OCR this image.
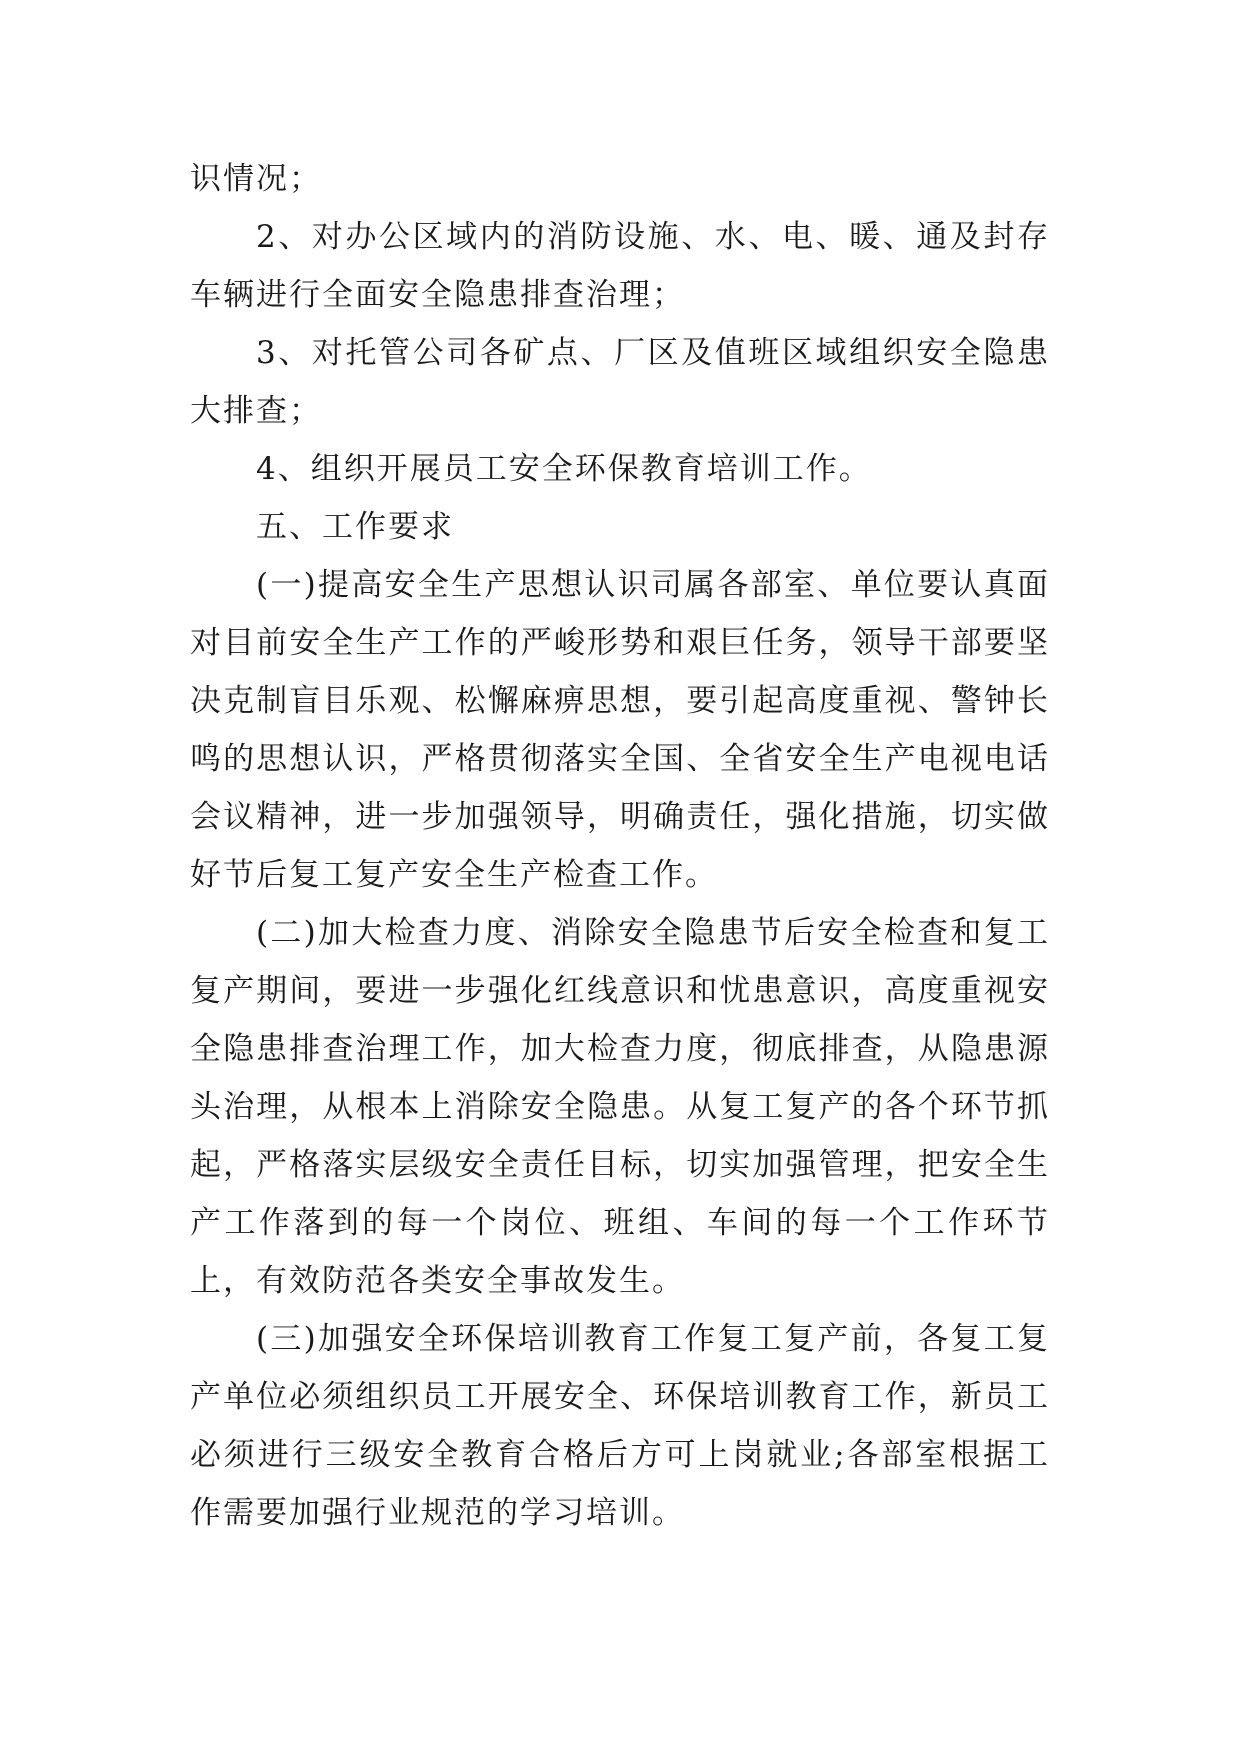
识情况；

2、对办公区域内的消防设施、水、电、暖、通及封存车辆进行全面安全隐患排查治理；

3、对托管公司各矿点、厂区及值班区域组织安全隐患大排查；

4、组织开展员工安全环保教育培训工作。

五、工作要求

(一)提高安全生产思想认识司属各部室、单位要认真面对目前安全生产工作的严峻形势和艰巨任务，领导干部要坚决克制盲目乐观、松懈麻痹思想，要引起高度重视、警钟长鸣的思想认识，严格贯彻落实全国、全省安全生产电视电话会议精神，进一步加强领导，明确责任，强化措施，切实做好节后复工复产安全生产检查工作。

(二)加大检查力度、消除安全隐患节后安全检查和复工复产期间，要进一步强化红线意识和忧患意识，高度重视安全隐患排查治理工作，加大检查力度，彻底排查，从隐患源头治理，从根本上消除安全隐患。从复工复产的各个环节抓起，严格落实层级安全责任目标，切实加强管理，把安全生产工作落到的每一个岗位、班组、车间的每一个工作环节上，有效防范各类安全事故发生。

(三)加强安全环保培训教育工作复工复产前，各复工复产单位必须组织员工开展安全、环保培训教育工作，新员工必须进行三级安全教育合格后方可上岗就业;各部室根据工作需要加强行业规范的学习培训。
